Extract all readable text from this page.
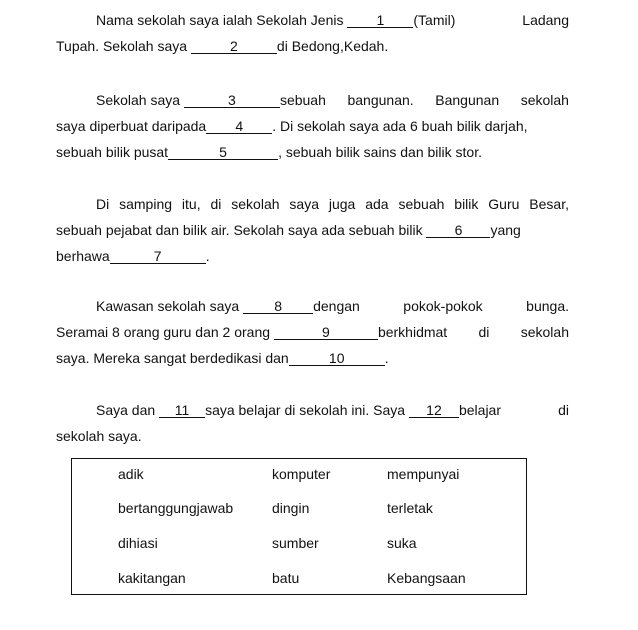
Nama sekolah saya ialah Sekolah Jenis 1 (Tamil)	Ladang
Tupah. Sekolah saya	2	di Bedong,Kedah.
Sekolah saya	3	sebuah bangunan. Bangunan sekolah
saya diperbuat daripada 4 . Di sekolah saya ada 6 buah bilik darjah,
sebuah bilik pusat	5	, sebuah bilik sains dan bilik stor.
Di samping itu, di sekolah saya juga ada sebuah bilik Guru Besar,
sebuah pejabat dan bilik air. Sekolah saya ada sebuah bilik 6 yang
berhawa	7	.
Kawasan sekolah saya 8 dengan	pokok-pokok	bunga.
Seramai 8 orang guru dan 2 orang	9	berkhidmat di sekolah
saya. Mereka sangat berdedikasi dan	10	.
Saya dan 11 saya belajar di sekolah ini. Saya 12 belajar	di
sekolah saya.
adik	komputer	mempunyai
bertanggungjawab	dingin	terletak
dihiasi	sumber	suka
kakitangan	batu	Kebangsaan
